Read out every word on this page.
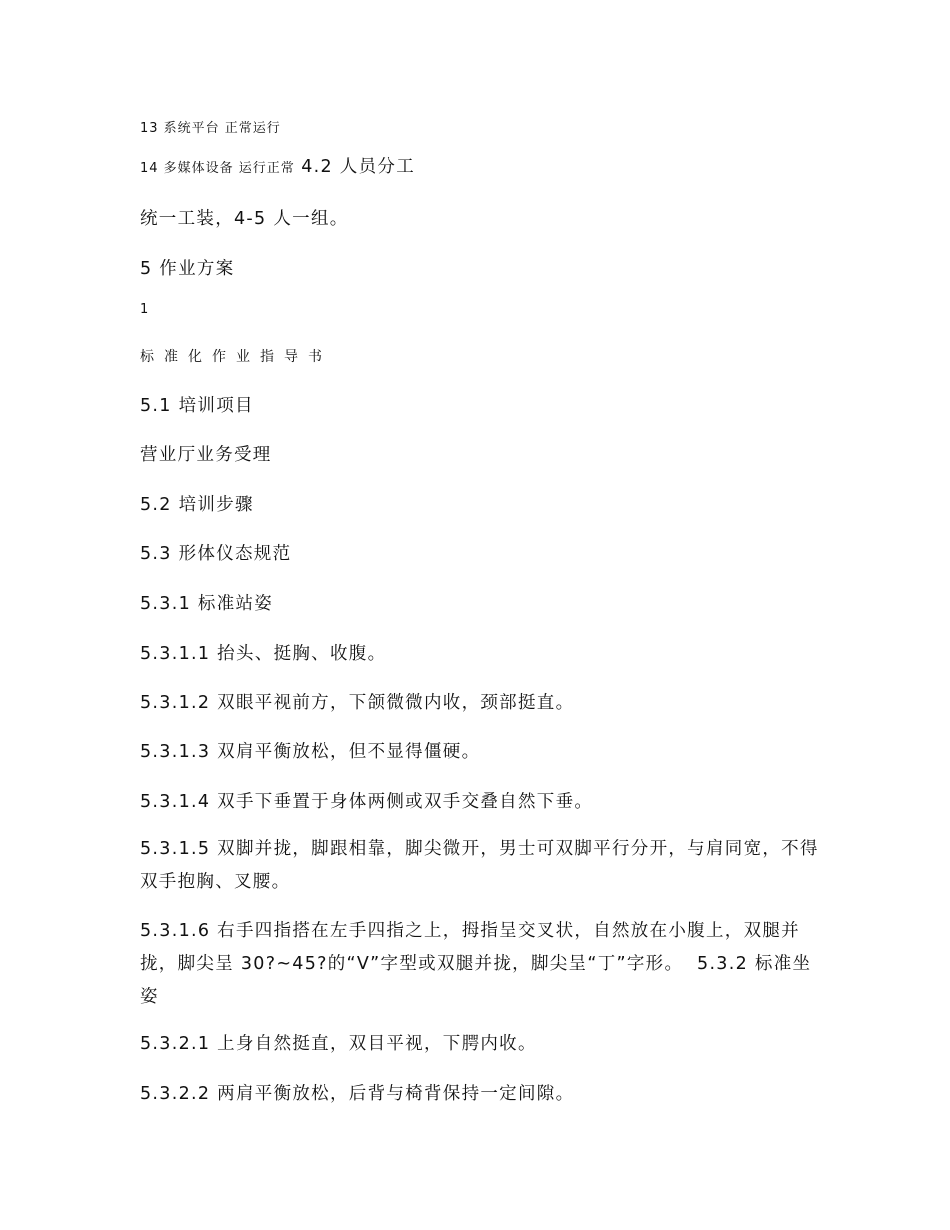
13 系统平台 正常运行
14 多媒体设备 运行正常 4.2 人员分工
统一工装，4-5 人一组。
5 作业方案
1
标准化作业指导书
5.1 培训项目
营业厅业务受理
5.2 培训步骤
5.3 形体仪态规范
5.3.1 标准站姿
5.3.1.1 抬头、挺胸、收腹。
5.3.1.2 双眼平视前方，下颌微微内收，颈部挺直。
5.3.1.3 双肩平衡放松，但不显得僵硬。
5.3.1.4 双手下垂置于身体两侧或双手交叠自然下垂。
5.3.1.5 双脚并拢，脚跟相靠，脚尖微开，男士可双脚平行分开，与肩同宽，不得双手抱胸、叉腰。
5.3.1.6 右手四指搭在左手四指之上，拇指呈交叉状，自然放在小腹上，双腿并拢，脚尖呈 30?~45?的“V”字型或双腿并拢，脚尖呈“丁”字形。 5.3.2 标准坐姿
5.3.2.1 上身自然挺直，双目平视，下腭内收。
5.3.2.2 两肩平衡放松，后背与椅背保持一定间隙。
